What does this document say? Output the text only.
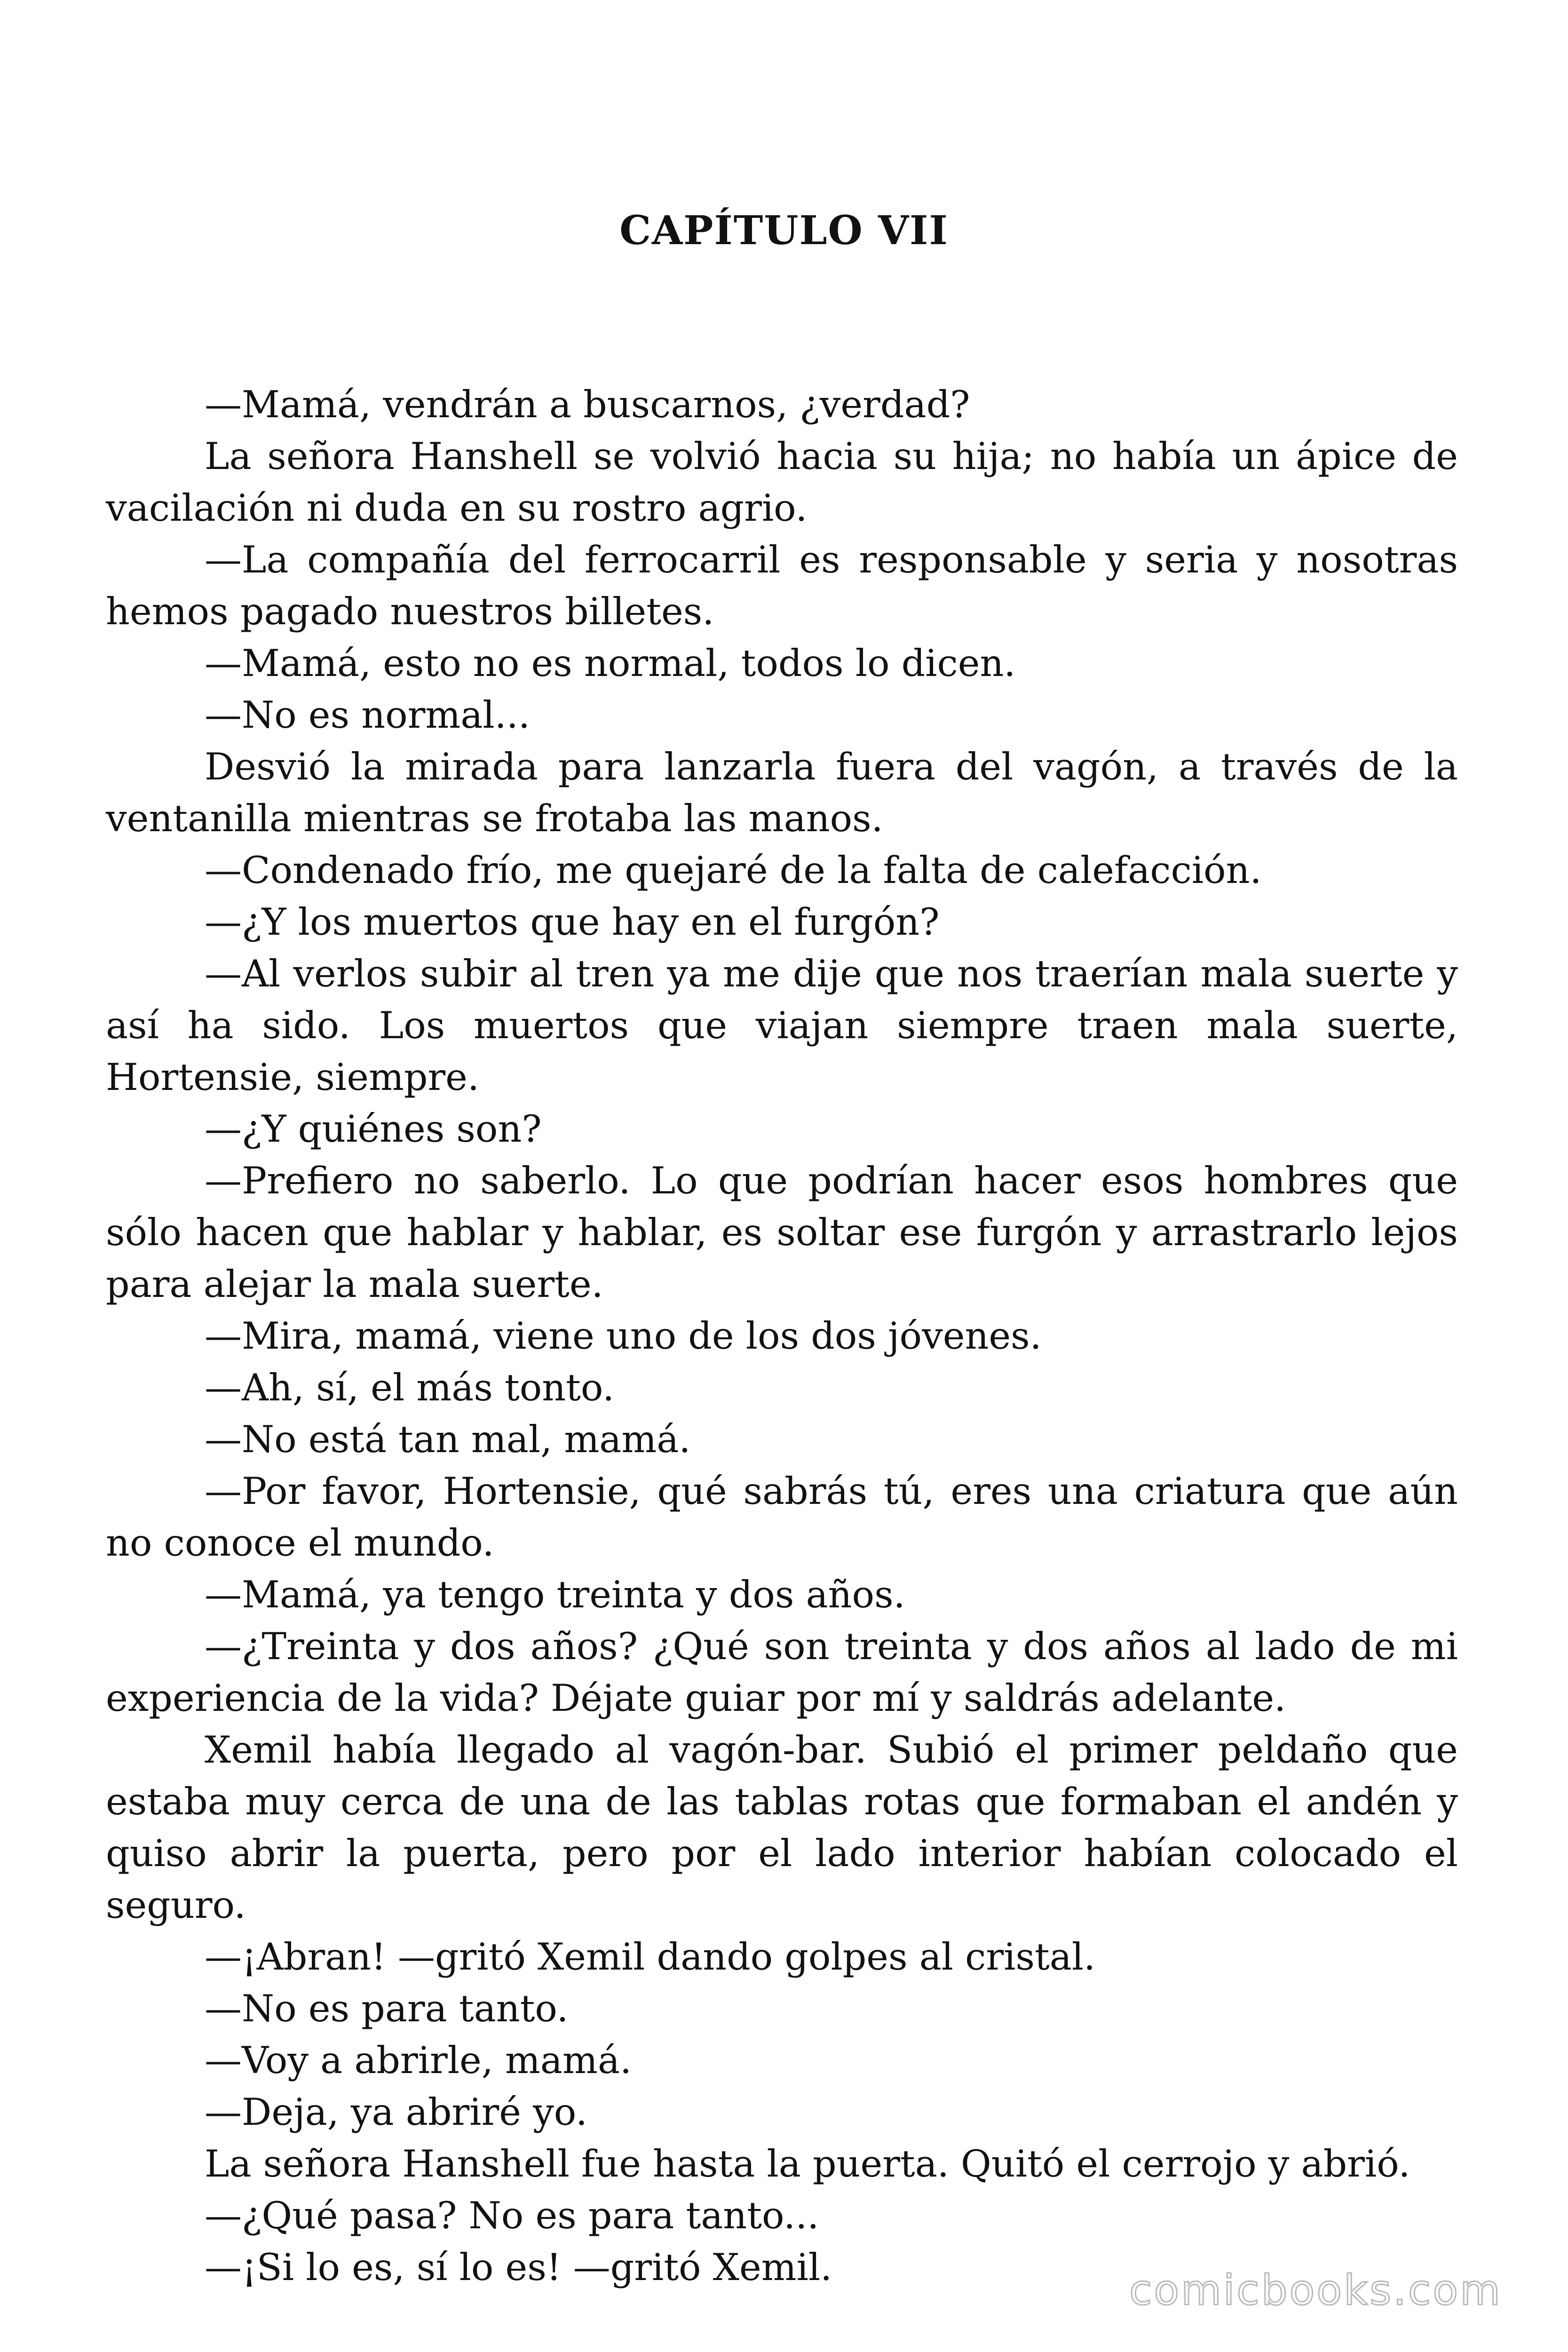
CAPÍTULO VII

—Mamá, vendrán a buscarnos, ¿verdad?

La señora Hanshell se volvió hacia su hija; no había un ápice de vacilación ni duda en su rostro agrio.

—La compañía del ferrocarril es responsable y seria y nosotras hemos pagado nuestros billetes.

—Mamá, esto no es normal, todos lo dicen.

—No es normal...

Desvió la mirada para lanzarla fuera del vagón, a través de la ventanilla mientras se frotaba las manos.

—Condenado frío, me quejaré de la falta de calefacción.

—¿Y los muertos que hay en el furgón?

—Al verlos subir al tren ya me dije que nos traerían mala suerte y así ha sido. Los muertos que viajan siempre traen mala suerte, Hortensie, siempre.

—¿Y quiénes son?

—Prefiero no saberlo. Lo que podrían hacer esos hombres que sólo hacen que hablar y hablar, es soltar ese furgón y arrastrarlo lejos para alejar la mala suerte.

—Mira, mamá, viene uno de los dos jóvenes.

—Ah, sí, el más tonto.

—No está tan mal, mamá.

—Por favor, Hortensie, qué sabrás tú, eres una criatura que aún no conoce el mundo.

—Mamá, ya tengo treinta y dos años.

—¿Treinta y dos años? ¿Qué son treinta y dos años al lado de mi experiencia de la vida? Déjate guiar por mí y saldrás adelante.

Xemil había llegado al vagón-bar. Subió el primer peldaño que estaba muy cerca de una de las tablas rotas que formaban el andén y quiso abrir la puerta, pero por el lado interior habían colocado el seguro.

—¡Abran! —gritó Xemil dando golpes al cristal.

—No es para tanto.

—Voy a abrirle, mamá.

—Deja, ya abriré yo.

La señora Hanshell fue hasta la puerta. Quitó el cerrojo y abrió.

—¿Qué pasa? No es para tanto...

—¡Si lo es, sí lo es! —gritó Xemil.	comicbooks.com
